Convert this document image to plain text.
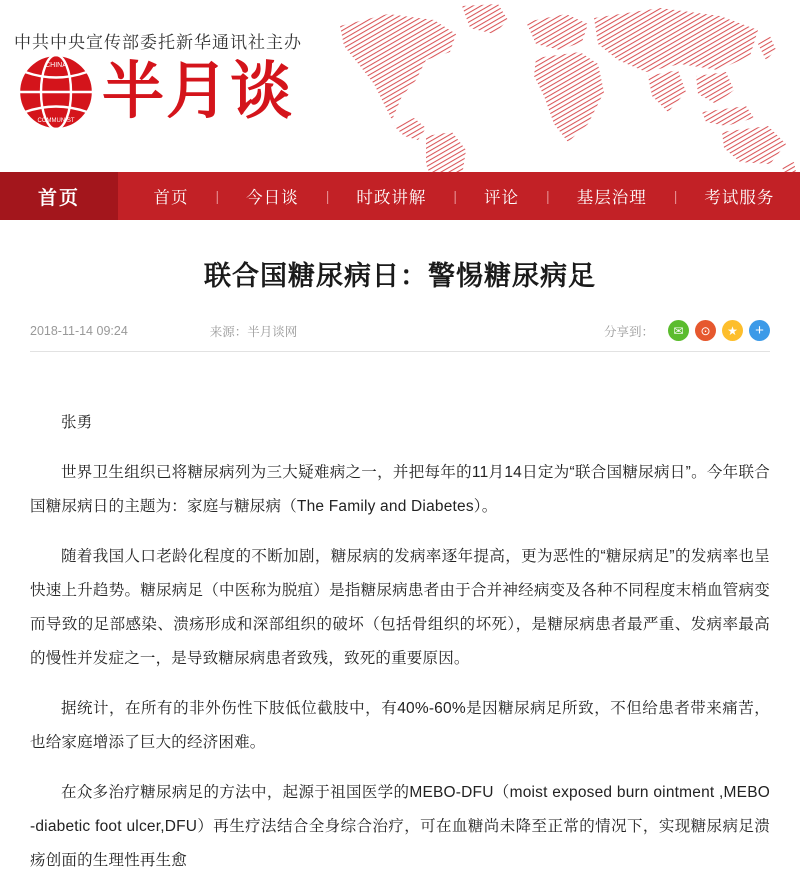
中共中央宣传部委托新华通讯社主办
CHINA
COMMUNIST 半月谈
首页	首页 | 今日谈 | 时政讲解 | 评论 | 基层治理 | 考试服务
联合国糖尿病日：警惕糖尿病足
2018-11-14 09:24	来源：半月谈网	分享到：	✉	⊙	★	+

张勇

世界卫生组织已将糖尿病列为三大疑难病之一，并把每年的11月14日定为“联合国糖尿病日”。今年联合国糖尿病日的主题为：家庭与糖尿病（The Family and Diabetes）。

随着我国人口老龄化程度的不断加剧，糖尿病的发病率逐年提高，更为恶性的“糖尿病足”的发病率也呈快速上升趋势。糖尿病足（中医称为脱疽）是指糖尿病患者由于合并神经病变及各种不同程度末梢血管病变而导致的足部感染、溃疡形成和深部组织的破坏（包括骨组织的坏死），是糖尿病患者最严重、发病率最高的慢性并发症之一，是导致糖尿病患者致残，致死的重要原因。

据统计，在所有的非外伤性下肢低位截肢中，有40%-60%是因糖尿病足所致，不但给患者带来痛苦，也给家庭增添了巨大的经济困难。

在众多治疗糖尿病足的方法中，起源于祖国医学的MEBO-DFU（moist exposed burn ointment ,MEBO -diabetic foot ulcer,DFU）再生疗法结合全身综合治疗，可在血糖尚未降至正常的情况下，实现糖尿病足溃疡创面的生理性再生愈
